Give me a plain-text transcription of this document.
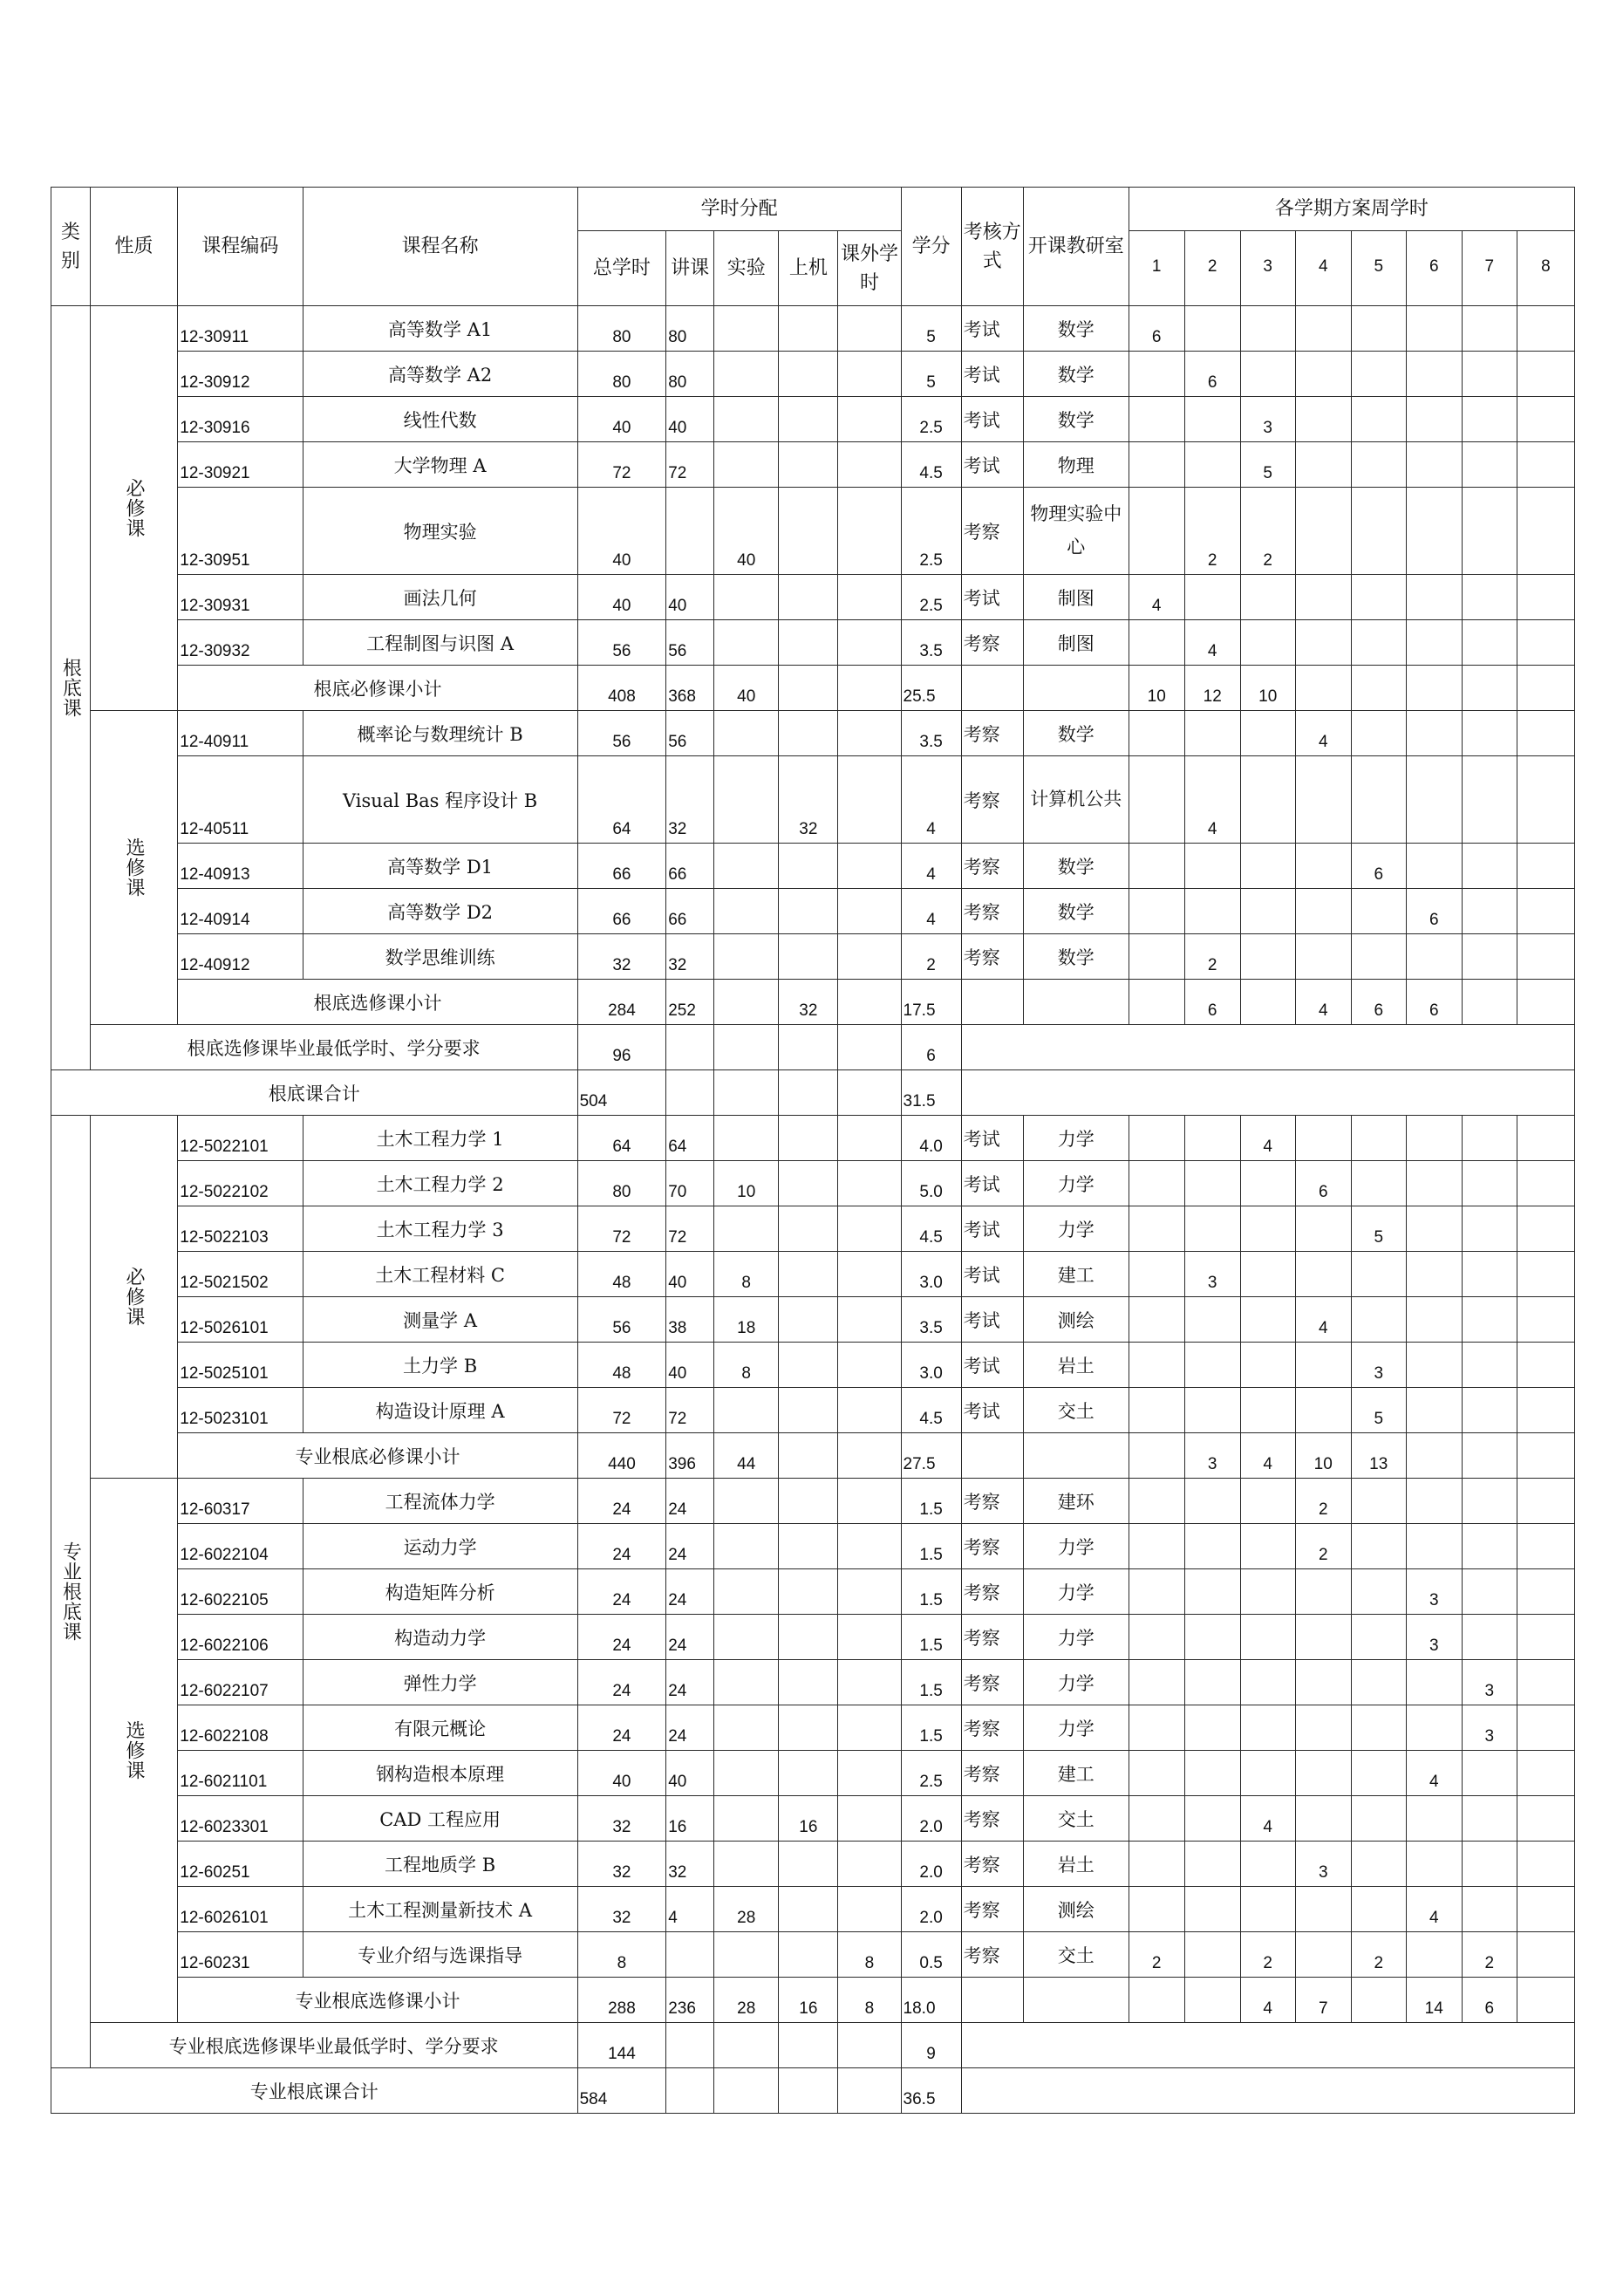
类别	性质	课程编码	课程名称	学时分配					学分	考核方式	开课教研室	各学期方案周学时							
				总学时	讲课	实验	上机	课外学时				1	2	3	4	5	6	7	8
根底课	必修课	12-30911	高等数学 A1	80	80				5	考试	数学	6							
		12-30912	高等数学 A2	80	80				5	考试	数学		6						
		12-30916	线性代数	40	40				2.5	考试	数学			3					
		12-30921	大学物理 A	72	72				4.5	考试	物理			5					
		12-30951	物理实验	40		40			2.5	考察	物理实验中心		2	2					
		12-30931	画法几何	40	40				2.5	考试	制图	4							
		12-30932	工程制图与识图 A	56	56				3.5	考察	制图		4						
		根底必修课小计		408	368	40			25.5			10	12	10					
	选修课	12-40911	概率论与数理统计 B	56	56				3.5	考察	数学				4				
		12-40511	Visual Bas 程序设计 B	64	32		32		4	考察	计算机公共		4						
		12-40913	高等数学 D1	66	66				4	考察	数学					6			
		12-40914	高等数学 D2	66	66				4	考察	数学						6		
		12-40912	数学思维训练	32	32				2	考察	数学		2						
		根底选修课小计		284	252		32		17.5				6		4	6	6		
	根底选修课毕业最低学时、学分要求			96					6										
根底课合计				504					31.5										
专业根底课	必修课	12-5022101	土木工程力学 1	64	64				4.0	考试	力学			4					
		12-5022102	土木工程力学 2	80	70	10			5.0	考试	力学				6				
		12-5022103	土木工程力学 3	72	72				4.5	考试	力学					5			
		12-5021502	土木工程材料 C	48	40	8			3.0	考试	建工		3						
		12-5026101	测量学 A	56	38	18			3.5	考试	测绘				4				
		12-5025101	土力学 B	48	40	8			3.0	考试	岩土					3			
		12-5023101	构造设计原理 A	72	72				4.5	考试	交土					5			
		专业根底必修课小计		440	396	44			27.5				3	4	10	13			
	选修课	12-60317	工程流体力学	24	24				1.5	考察	建环				2				
		12-6022104	运动力学	24	24				1.5	考察	力学				2				
		12-6022105	构造矩阵分析	24	24				1.5	考察	力学						3		
		12-6022106	构造动力学	24	24				1.5	考察	力学						3		
		12-6022107	弹性力学	24	24				1.5	考察	力学							3	
		12-6022108	有限元概论	24	24				1.5	考察	力学							3	
		12-6021101	钢构造根本原理	40	40				2.5	考察	建工						4		
		12-6023301	CAD 工程应用	32	16		16		2.0	考察	交土			4					
		12-60251	工程地质学 B	32	32				2.0	考察	岩土				3				
		12-6026101	土木工程测量新技术 A	32	4	28			2.0	考察	测绘						4		
		12-60231	专业介绍与选课指导	8				8	0.5	考察	交土	2		2		2		2	
		专业根底选修课小计		288	236	28	16	8	18.0					4	7		14	6	
	专业根底选修课毕业最低学时、学分要求			144					9										
专业根底课合计				584					36.5										
